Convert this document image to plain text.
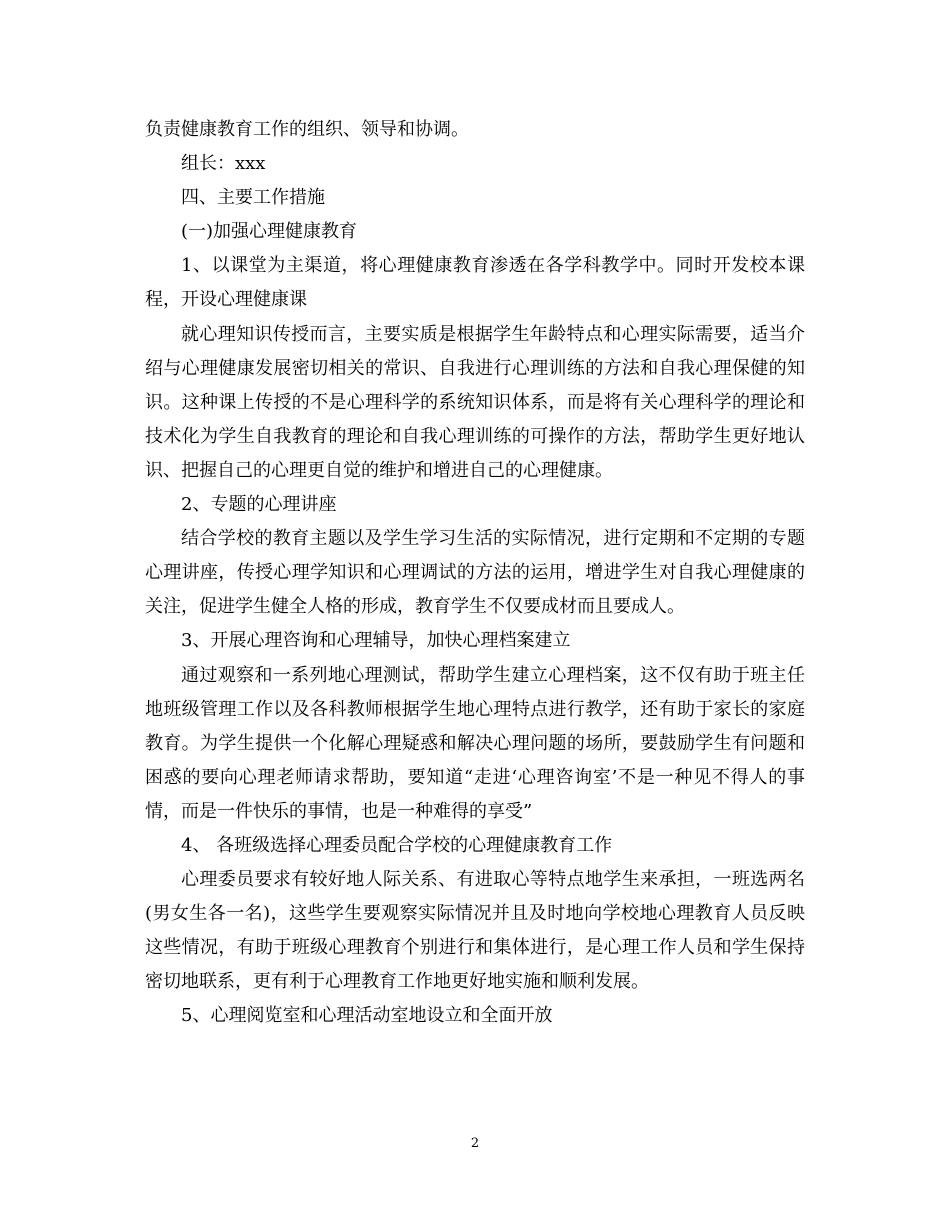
负责健康教育工作的组织、领导和协调。

组长：xxx

四、主要工作措施

(一)加强心理健康教育

1、以课堂为主渠道，将心理健康教育渗透在各学科教学中。同时开发校本课程，开设心理健康课

就心理知识传授而言，主要实质是根据学生年龄特点和心理实际需要，适当介绍与心理健康发展密切相关的常识、自我进行心理训练的方法和自我心理保健的知识。这种课上传授的不是心理科学的系统知识体系，而是将有关心理科学的理论和技术化为学生自我教育的理论和自我心理训练的可操作的方法，帮助学生更好地认识、把握自己的心理更自觉的维护和增进自己的心理健康。

2、专题的心理讲座

结合学校的教育主题以及学生学习生活的实际情况，进行定期和不定期的专题心理讲座，传授心理学知识和心理调试的方法的运用，增进学生对自我心理健康的关注，促进学生健全人格的形成，教育学生不仅要成材而且要成人。

3、开展心理咨询和心理辅导，加快心理档案建立

通过观察和一系列地心理测试，帮助学生建立心理档案，这不仅有助于班主任地班级管理工作以及各科教师根据学生地心理特点进行教学，还有助于家长的家庭教育。为学生提供一个化解心理疑惑和解决心理问题的场所，要鼓励学生有问题和困惑的要向心理老师请求帮助，要知道“走进‘心理咨询室’不是一种见不得人的事情，而是一件快乐的事情，也是一种难得的享受”

4、 各班级选择心理委员配合学校的心理健康教育工作

心理委员要求有较好地人际关系、有进取心等特点地学生来承担，一班选两名(男女生各一名)，这些学生要观察实际情况并且及时地向学校地心理教育人员反映这些情况，有助于班级心理教育个别进行和集体进行，是心理工作人员和学生保持密切地联系，更有利于心理教育工作地更好地实施和顺利发展。

5、心理阅览室和心理活动室地设立和全面开放

2
